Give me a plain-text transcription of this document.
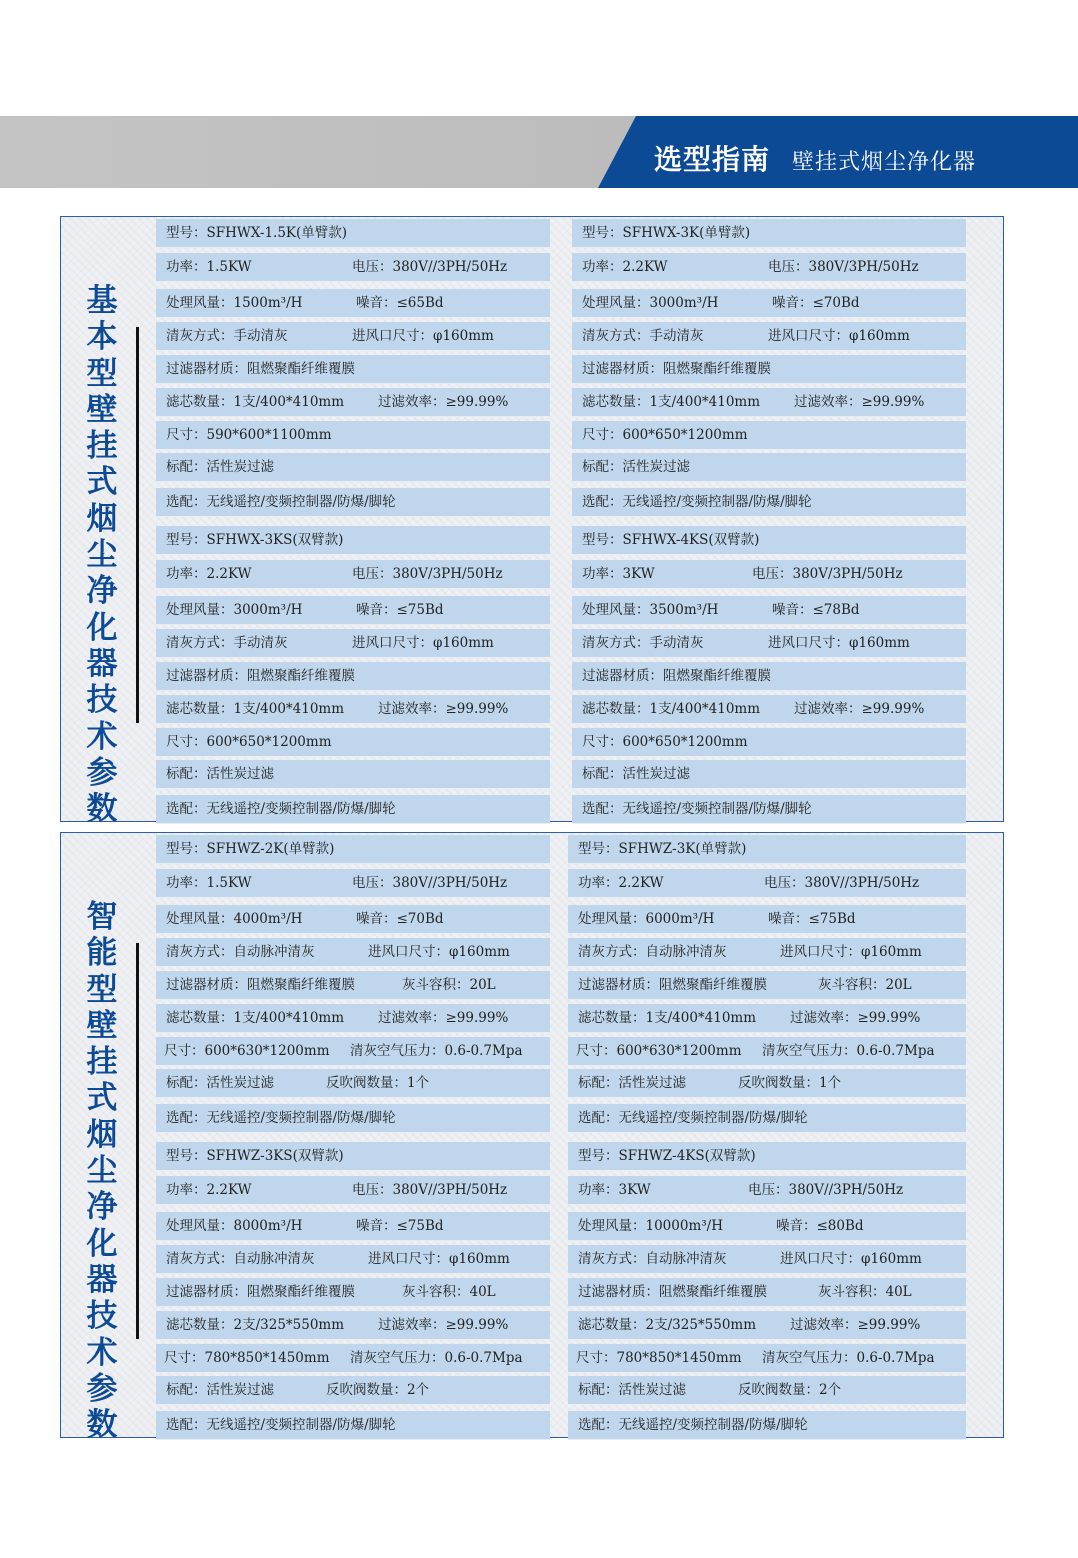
选型指南 壁挂式烟尘净化器
基本型壁挂式烟尘净化器技术参数
型号：SFHWX-1.5K(单臂款)
功率：1.5KW	电压：380V//3PH/50Hz
处理风量：1500m³/H	噪音：≤65Bd
清灰方式：手动清灰	进风口尺寸：φ160mm
过滤器材质：阻燃聚酯纤维覆膜
滤芯数量：1支/400*410mm	过滤效率：≥99.99%
尺寸：590*600*1100mm
标配：活性炭过滤
选配：无线遥控/变频控制器/防爆/脚轮
型号：SFHWX-3K(单臂款)
功率：2.2KW	电压：380V/3PH/50Hz
处理风量：3000m³/H	噪音：≤70Bd
清灰方式：手动清灰	进风口尺寸：φ160mm
过滤器材质：阻燃聚酯纤维覆膜
滤芯数量：1支/400*410mm	过滤效率：≥99.99%
尺寸：600*650*1200mm
标配：活性炭过滤
选配：无线遥控/变频控制器/防爆/脚轮
型号：SFHWX-3KS(双臂款)
功率：2.2KW	电压：380V/3PH/50Hz
处理风量：3000m³/H	噪音：≤75Bd
清灰方式：手动清灰	进风口尺寸：φ160mm
过滤器材质：阻燃聚酯纤维覆膜
滤芯数量：1支/400*410mm	过滤效率：≥99.99%
尺寸：600*650*1200mm
标配：活性炭过滤
选配：无线遥控/变频控制器/防爆/脚轮
型号：SFHWX-4KS(双臂款)
功率：3KW	电压：380V/3PH/50Hz
处理风量：3500m³/H	噪音：≤78Bd
清灰方式：手动清灰	进风口尺寸：φ160mm
过滤器材质：阻燃聚酯纤维覆膜
滤芯数量：1支/400*410mm	过滤效率：≥99.99%
尺寸：600*650*1200mm
标配：活性炭过滤
选配：无线遥控/变频控制器/防爆/脚轮
智能型壁挂式烟尘净化器技术参数
型号：SFHWZ-2K(单臂款)
功率：1.5KW	电压：380V//3PH/50Hz
处理风量：4000m³/H	噪音：≤70Bd
清灰方式：自动脉冲清灰	进风口尺寸：φ160mm
过滤器材质：阻燃聚酯纤维覆膜	灰斗容积：20L
滤芯数量：1支/400*410mm	过滤效率：≥99.99%
尺寸：600*630*1200mm 清灰空气压力：0.6-0.7Mpa
标配：活性炭过滤	反吹阀数量：1个
选配：无线遥控/变频控制器/防爆/脚轮
型号：SFHWZ-3K(单臂款)
功率：2.2KW	电压：380V//3PH/50Hz
处理风量：6000m³/H	噪音：≤75Bd
清灰方式：自动脉冲清灰	进风口尺寸：φ160mm
过滤器材质：阻燃聚酯纤维覆膜	灰斗容积：20L
滤芯数量：1支/400*410mm	过滤效率：≥99.99%
尺寸：600*630*1200mm 清灰空气压力：0.6-0.7Mpa
标配：活性炭过滤	反吹阀数量：1个
选配：无线遥控/变频控制器/防爆/脚轮
型号：SFHWZ-3KS(双臂款)
功率：2.2KW	电压：380V//3PH/50Hz
处理风量：8000m³/H	噪音：≤75Bd
清灰方式：自动脉冲清灰	进风口尺寸：φ160mm
过滤器材质：阻燃聚酯纤维覆膜	灰斗容积：40L
滤芯数量：2支/325*550mm	过滤效率：≥99.99%
尺寸：780*850*1450mm 清灰空气压力：0.6-0.7Mpa
标配：活性炭过滤	反吹阀数量：2个
选配：无线遥控/变频控制器/防爆/脚轮
型号：SFHWZ-4KS(双臂款)
功率：3KW	电压：380V//3PH/50Hz
处理风量：10000m³/H	噪音：≤80Bd
清灰方式：自动脉冲清灰	进风口尺寸：φ160mm
过滤器材质：阻燃聚酯纤维覆膜	灰斗容积：40L
滤芯数量：2支/325*550mm	过滤效率：≥99.99%
尺寸：780*850*1450mm 清灰空气压力：0.6-0.7Mpa
标配：活性炭过滤	反吹阀数量：2个
选配：无线遥控/变频控制器/防爆/脚轮
